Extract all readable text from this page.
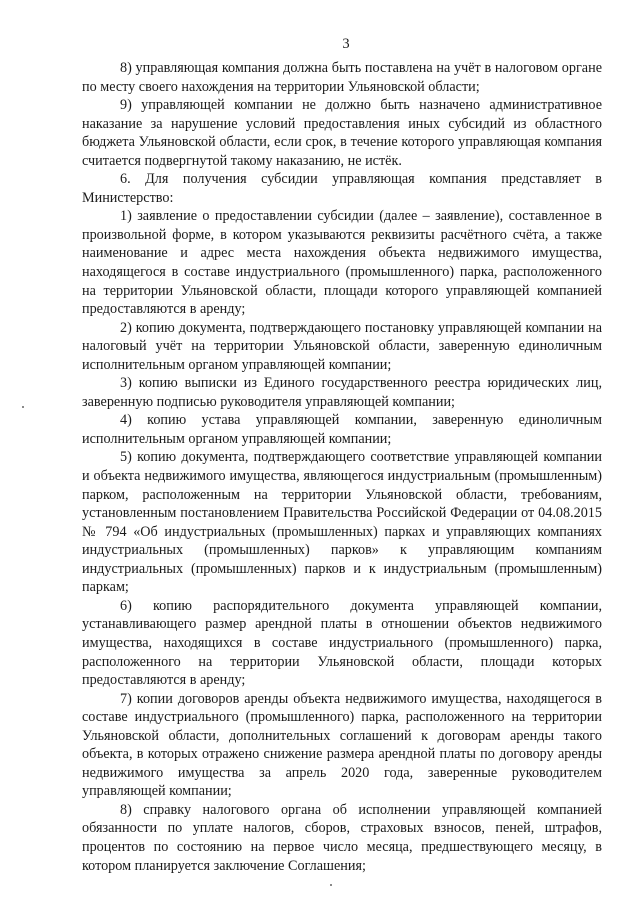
3

8) управляющая компания должна быть поставлена на учёт в налоговом органе по месту своего нахождения на территории Ульяновской области;

9) управляющей компании не должно быть назначено административное наказание за нарушение условий предоставления иных субсидий из областного бюджета Ульяновской области, если срок, в течение которого управляющая компания считается подвергнутой такому наказанию, не истёк.

6. Для получения субсидии управляющая компания представляет в Министерство:

1) заявление о предоставлении субсидии (далее – заявление), составленное в произвольной форме, в котором указываются реквизиты расчётного счёта, а также наименование и адрес места нахождения объекта недвижимого имущества, находящегося в составе индустриального (промышленного) парка, расположенного на территории Ульяновской области, площади которого управляющей компанией предоставляются в аренду;

2) копию документа, подтверждающего постановку управляющей компании на налоговый учёт на территории Ульяновской области, заверенную единоличным исполнительным органом управляющей компании;

3) копию выписки из Единого государственного реестра юридических лиц, заверенную подписью руководителя управляющей компании;

4) копию устава управляющей компании, заверенную единоличным исполнительным органом управляющей компании;

5) копию документа, подтверждающего соответствие управляющей компании и объекта недвижимого имущества, являющегося индустриальным (промышленным) парком, расположенным на территории Ульяновской области, требованиям, установленным постановлением Правительства Российской Федерации от 04.08.2015 № 794 «Об индустриальных (промышленных) парках и управляющих компаниях индустриальных (промышленных) парков» к управляющим компаниям индустриальных (промышленных) парков и к индустриальным (промышленным) паркам;

6) копию распорядительного документа управляющей компании, устанавливающего размер арендной платы в отношении объектов недвижимого имущества, находящихся в составе индустриального (промышленного) парка, расположенного на территории Ульяновской области, площади которых предоставляются в аренду;

7) копии договоров аренды объекта недвижимого имущества, находящегося в составе индустриального (промышленного) парка, расположенного на территории Ульяновской области, дополнительных соглашений к договорам аренды такого объекта, в которых отражено снижение размера арендной платы по договору аренды недвижимого имущества за апрель 2020 года, заверенные руководителем управляющей компании;

8) справку налогового органа об исполнении управляющей компанией обязанности по уплате налогов, сборов, страховых взносов, пеней, штрафов, процентов по состоянию на первое число месяца, предшествующего месяцу, в котором планируется заключение Соглашения;
